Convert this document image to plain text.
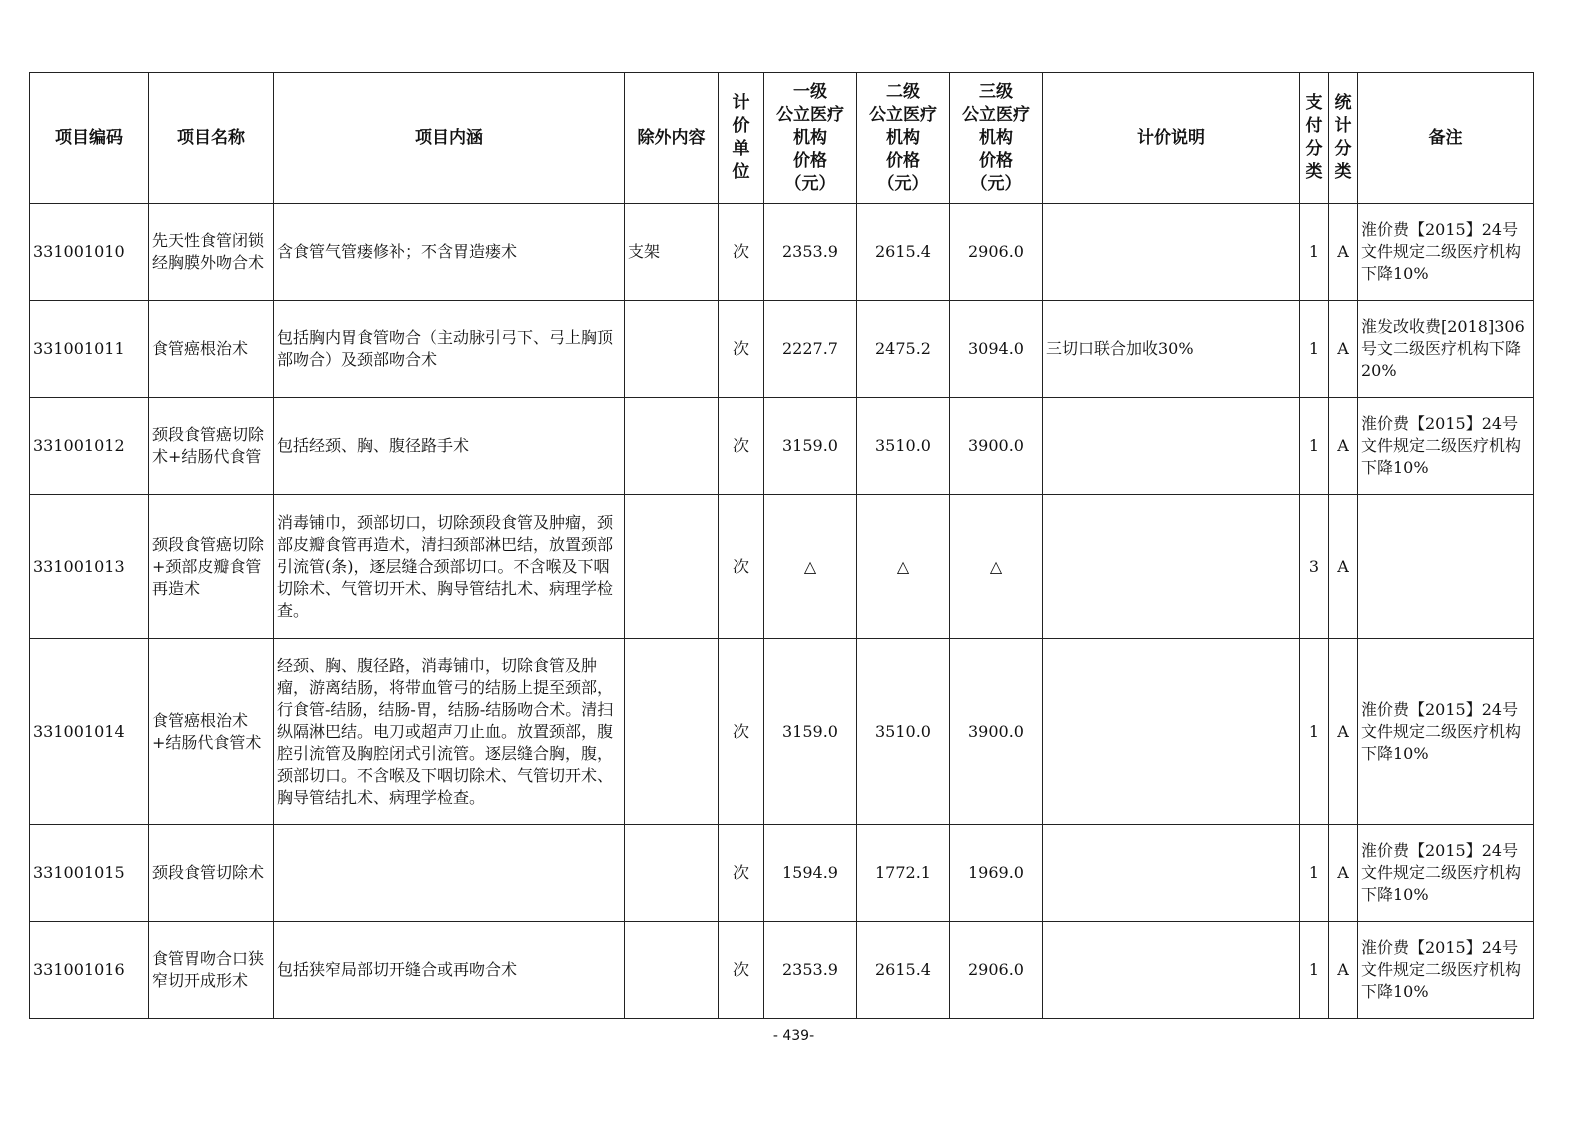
项目编码	项目名称	项目内涵	除外内容	计价单位	一级
公立医疗
机构
价格
（元）	二级
公立医疗
机构
价格
（元）	三级
公立医疗
机构
价格
（元）	计价说明	支付分类	统计分类	备注
331001010	先天性食管闭锁经胸膜外吻合术	含食管气管瘘修补；不含胃造瘘术	支架	次	2353.9	2615.4	2906.0		1	A	淮价费【2015】24号文件规定二级医疗机构下降10%
331001011	食管癌根治术	包括胸内胃食管吻合（主动脉引弓下、弓上胸顶部吻合）及颈部吻合术		次	2227.7	2475.2	3094.0	三切口联合加收30%	1	A	淮发改收费[2018]306号文二级医疗机构下降20%
331001012	颈段食管癌切除术+结肠代食管	包括经颈、胸、腹径路手术		次	3159.0	3510.0	3900.0		1	A	淮价费【2015】24号文件规定二级医疗机构下降10%
331001013	颈段食管癌切除+颈部皮瓣食管再造术	消毒铺巾，颈部切口，切除颈段食管及肿瘤，颈部皮瓣食管再造术，清扫颈部淋巴结，放置颈部引流管(条)，逐层缝合颈部切口。不含喉及下咽切除术、气管切开术、胸导管结扎术、病理学检查。		次	△	△	△		3	A	
331001014	食管癌根治术+结肠代食管术	经颈、胸、腹径路，消毒铺巾，切除食管及肿瘤，游离结肠，将带血管弓的结肠上提至颈部，行食管-结肠，结肠-胃，结肠-结肠吻合术。清扫纵隔淋巴结。电刀或超声刀止血。放置颈部，腹腔引流管及胸腔闭式引流管。逐层缝合胸，腹，颈部切口。不含喉及下咽切除术、气管切开术、胸导管结扎术、病理学检查。		次	3159.0	3510.0	3900.0		1	A	淮价费【2015】24号文件规定二级医疗机构下降10%
331001015	颈段食管切除术			次	1594.9	1772.1	1969.0		1	A	淮价费【2015】24号文件规定二级医疗机构下降10%
331001016	食管胃吻合口狭窄切开成形术	包括狭窄局部切开缝合或再吻合术		次	2353.9	2615.4	2906.0		1	A	淮价费【2015】24号文件规定二级医疗机构下降10%
- 439-
